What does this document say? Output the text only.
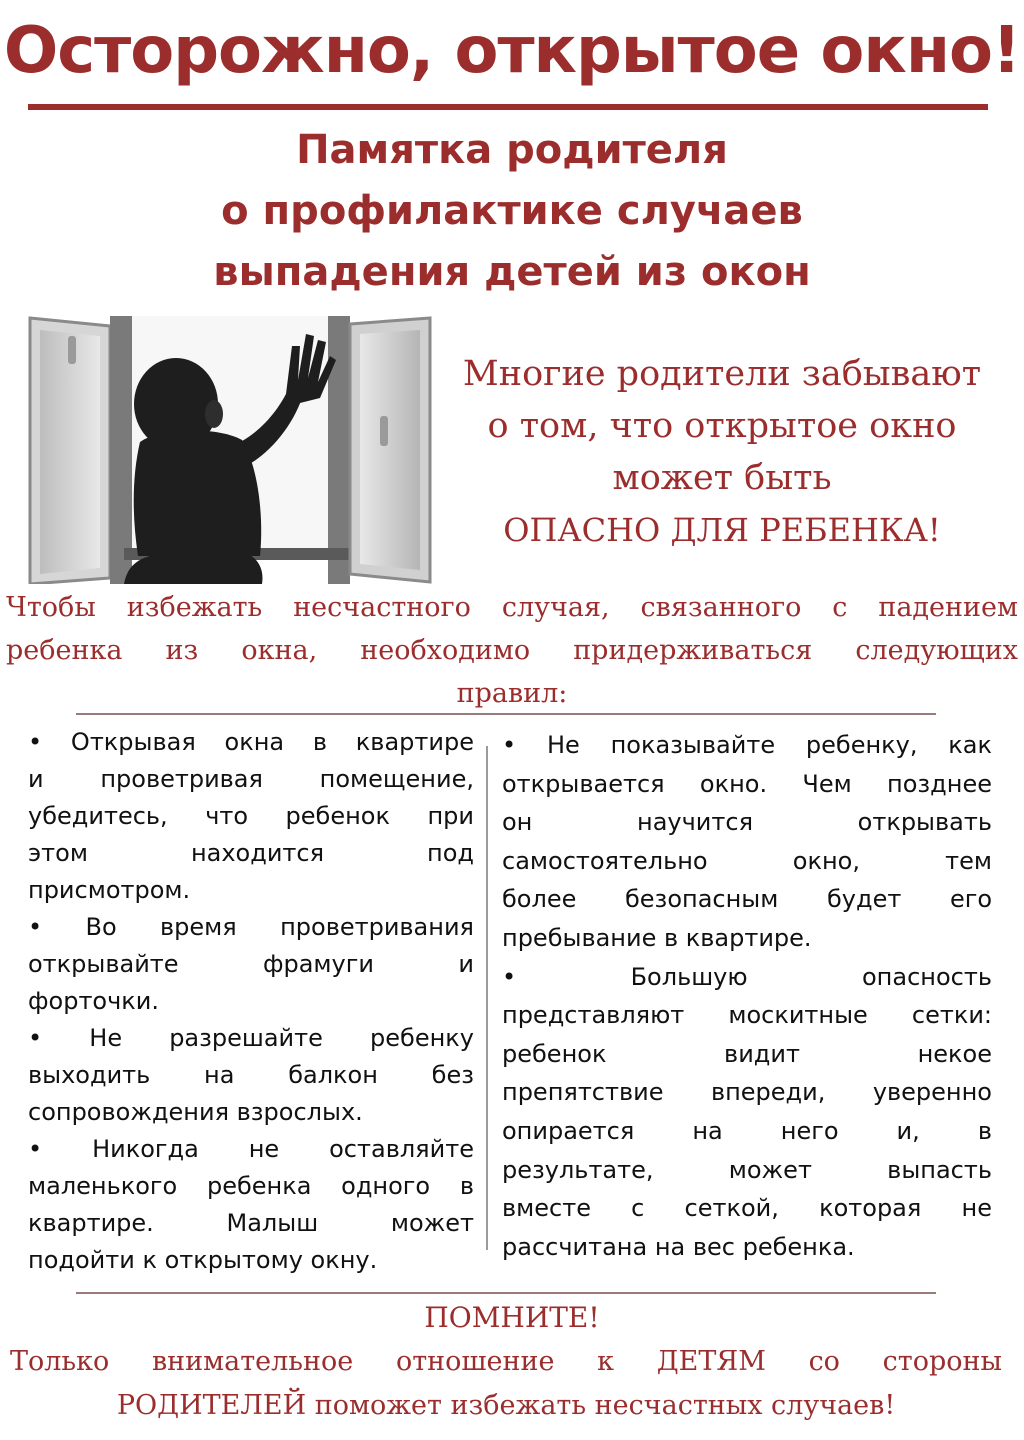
Осторожно, открытое окно!
Памятка родителя
о профилактике случаев
выпадения детей из окон
Многие родители забывают
о том, что открытое окно
может быть
ОПАСНО ДЛЯ РЕБЕНКА!
Чтобы избежать несчастного случая, связанного с падением
ребенка из окна, необходимо придерживаться следующих
правил:
• Открывая окна в квартире
и проветривая помещение,
убедитесь, что ребенок при
этом	находится	под
присмотром.
• Во время проветривания
открывайте	фрамуги	и
форточки.
• Не разрешайте ребенку
выходить на балкон без
сопровождения взрослых.
• Никогда не оставляйте
маленького ребенка одного в
квартире.	Малыш	может
подойти к открытому окну.
• Не показывайте ребенку, как
открывается окно. Чем позднее
он	научится	открывать
самостоятельно	окно,	тем
более безопасным будет его
пребывание в квартире.
•	Большую	опасность
представляют москитные сетки:
ребенок	видит	некое
препятствие впереди, уверенно
опирается на него и, в
результате,	может	выпасть
вместе с сеткой, которая не
рассчитана на вес ребенка.
ПОМНИТЕ!
Только внимательное отношение к ДЕТЯМ со стороны
РОДИТЕЛЕЙ поможет избежать несчастных случаев!
